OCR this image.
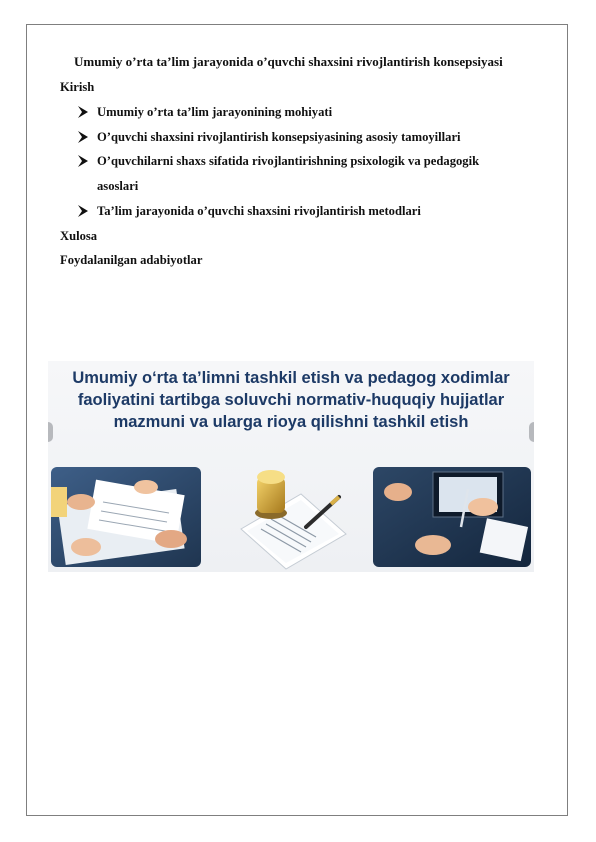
Umumiy o’rta ta’lim jarayonida o’quvchi shaxsini rivojlantirish konsepsiyasi
Kirish
Umumiy o’rta ta’lim jarayonining mohiyati
O’quvchi shaxsini rivojlantirish konsepsiyasining asosiy tamoyillari
O’quvchilarni shaxs sifatida rivojlantirishning psixologik va pedagogik
asoslari
Ta’lim jarayonida o’quvchi shaxsini rivojlantirish metodlari
Xulosa
Foydalanilgan adabiyotlar
Umumiy o‘rta ta’limni tashkil etish va pedagog xodimlar
faoliyatini tartibga soluvchi normativ-huquqiy hujjatlar
mazmuni va ularga rioya qilishni tashkil etish
